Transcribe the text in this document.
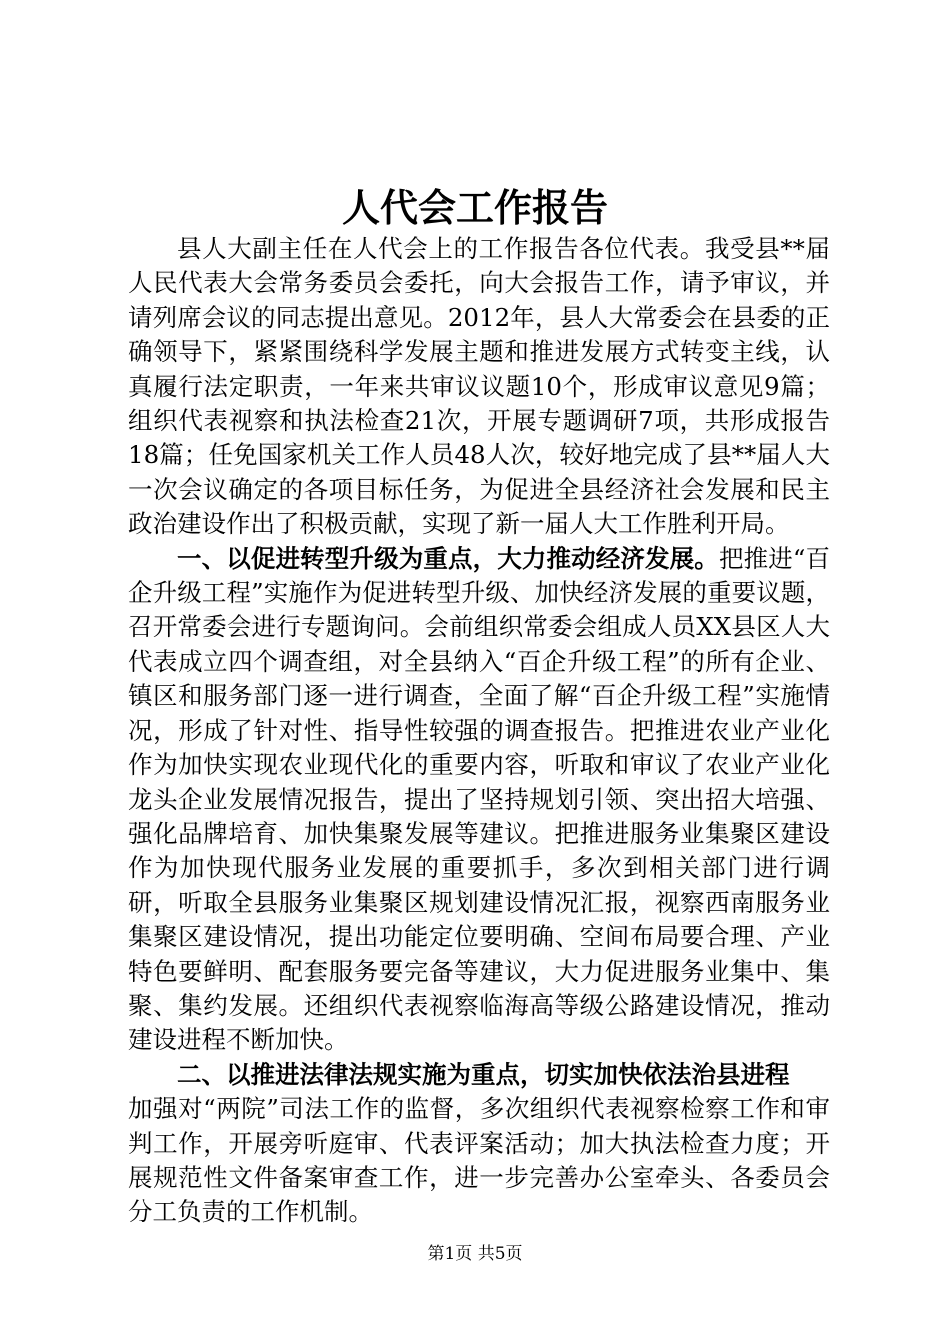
人代会工作报告

县人大副主任在人代会上的工作报告各位代表。我受县**届人民代表大会常务委员会委托，向大会报告工作，请予审议，并请列席会议的同志提出意见。2012年，县人大常委会在县委的正确领导下，紧紧围绕科学发展主题和推进发展方式转变主线，认真履行法定职责，一年来共审议议题10个，形成审议意见9篇；组织代表视察和执法检查21次，开展专题调研7项，共形成报告18篇；任免国家机关工作人员48人次，较好地完成了县**届人大一次会议确定的各项目标任务，为促进全县经济社会发展和民主政治建设作出了积极贡献，实现了新一届人大工作胜利开局。

一、以促进转型升级为重点，大力推动经济发展。把推进“百企升级工程”实施作为促进转型升级、加快经济发展的重要议题，召开常委会进行专题询问。会前组织常委会组成人员XX县区人大代表成立四个调查组，对全县纳入“百企升级工程”的所有企业、镇区和服务部门逐一进行调查，全面了解“百企升级工程”实施情况，形成了针对性、指导性较强的调查报告。把推进农业产业化作为加快实现农业现代化的重要内容，听取和审议了农业产业化龙头企业发展情况报告，提出了坚持规划引领、突出招大培强、强化品牌培育、加快集聚发展等建议。把推进服务业集聚区建设作为加快现代服务业发展的重要抓手，多次到相关部门进行调研，听取全县服务业集聚区规划建设情况汇报，视察西南服务业集聚区建设情况，提出功能定位要明确、空间布局要合理、产业特色要鲜明、配套服务要完备等建议，大力促进服务业集中、集聚、集约发展。还组织代表视察临海高等级公路建设情况，推动建设进程不断加快。

二、以推进法律法规实施为重点，切实加快依法治县进程

加强对“两院”司法工作的监督，多次组织代表视察检察工作和审判工作，开展旁听庭审、代表评案活动；加大执法检查力度；开展规范性文件备案审查工作，进一步完善办公室牵头、各委员会分工负责的工作机制。

第1页 共5页
